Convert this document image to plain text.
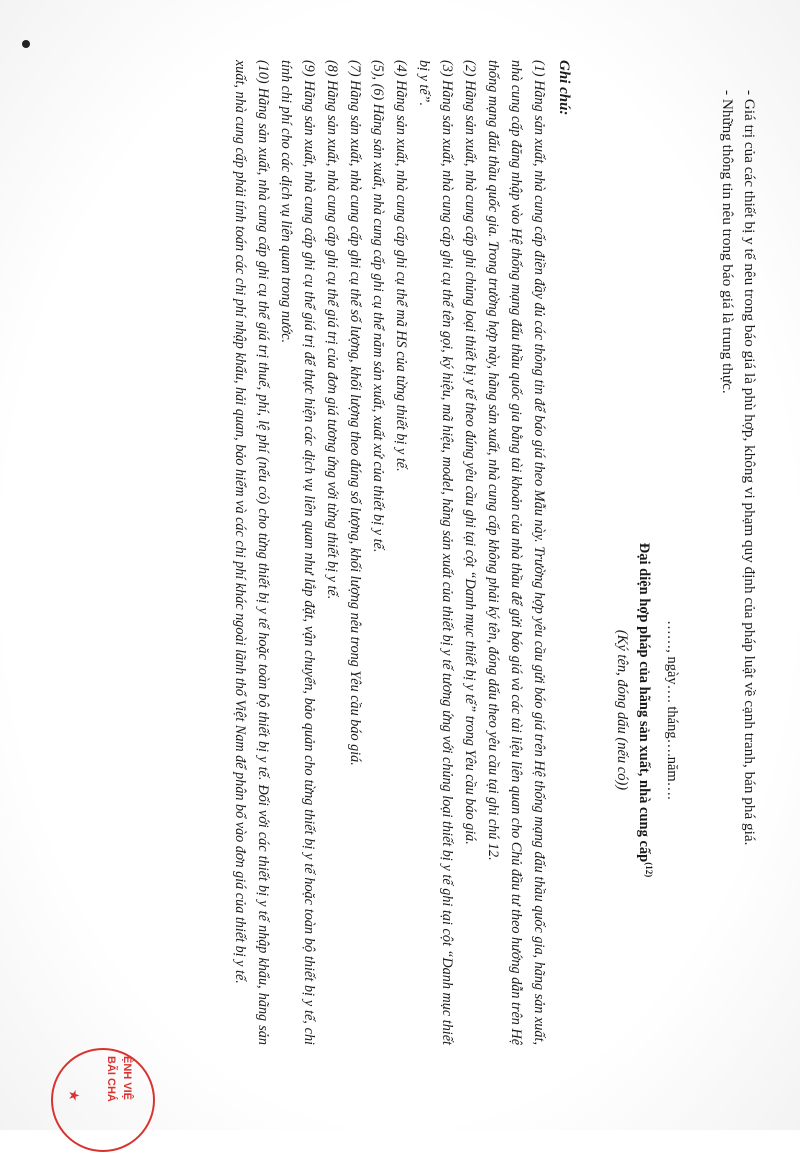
- Giá trị của các thiết bị y tế nêu trong báo giá là phù hợp, không vi phạm quy định của pháp luật về cạnh tranh, bán phá giá.
- Những thông tin nêu trong báo giá là trung thực.
……, ngày…. tháng….năm….
Đại diện hợp pháp của hãng sản xuất, nhà cung cấp$^{(12)}$
(Ký tên, đóng dấu (nếu có))
Ghi chú:

(1) Hãng sản xuất, nhà cung cấp điền đầy đủ các thông tin để báo giá theo Mẫu này. Trường hợp yêu cầu gửi báo giá trên Hệ thống mạng đấu thầu quốc gia, hãng sản xuất, nhà cung cấp đăng nhập vào Hệ thống mạng đấu thầu quốc gia bằng tài khoản của nhà thầu để gửi báo giá và các tài liệu liên quan cho Chủ đầu tư theo hướng dẫn trên Hệ thống mạng đấu thầu quốc gia. Trong trường hợp này, hãng sản xuất, nhà cung cấp không phải ký tên, đóng dấu theo yêu cầu tại ghi chú 12.

(2) Hãng sản xuất, nhà cung cấp ghi chủng loại thiết bị y tế theo đúng yêu cầu ghi tại cột “Danh mục thiết bị y tế” trong Yêu cầu báo giá.

(3) Hãng sản xuất, nhà cung cấp ghi cụ thể tên gọi, ký hiệu, mã hiệu, model, hãng sản xuất của thiết bị y tế tương ứng với chủng loại thiết bị y tế ghi tại cột “Danh mục thiết bị y tế”.

(4) Hãng sản xuất, nhà cung cấp ghi cụ thể mã HS của từng thiết bị y tế.

(5), (6) Hãng sản xuất, nhà cung cấp ghi cụ thể năm sản xuất, xuất xứ của thiết bị y tế.

(7) Hãng sản xuất, nhà cung cấp ghi cụ thể số lượng, khối lượng theo đúng số lượng, khối lượng nêu trong Yêu cầu báo giá.

(8) Hãng sản xuất, nhà cung cấp ghi cụ thể giá trị của đơn giá tương ứng với từng thiết bị y tế.

(9) Hãng sản xuất, nhà cung cấp ghi cụ thể giá trị để thực hiện các dịch vụ liên quan như lắp đặt, vận chuyển, bảo quản cho từng thiết bị y tế hoặc toàn bộ thiết bị y tế, chi tính chi phí cho các dịch vụ liên quan trong nước.

(10) Hãng sản xuất, nhà cung cấp ghi cụ thể giá trị thuế, phí, lệ phí (nếu có) cho từng thiết bị y tế hoặc toàn bộ thiết bị y tế. Đối với các thiết bị y tế nhập khẩu, hãng sản xuất, nhà cung cấp phải tính toán các chi phí nhập khẩu, hải quan, bảo hiểm và các chi phí khác ngoài lãnh thổ Việt Nam để phân bổ vào đơn giá của thiết bị y tế.

ỆNH VIỆ
BÃI CHÁ
★
